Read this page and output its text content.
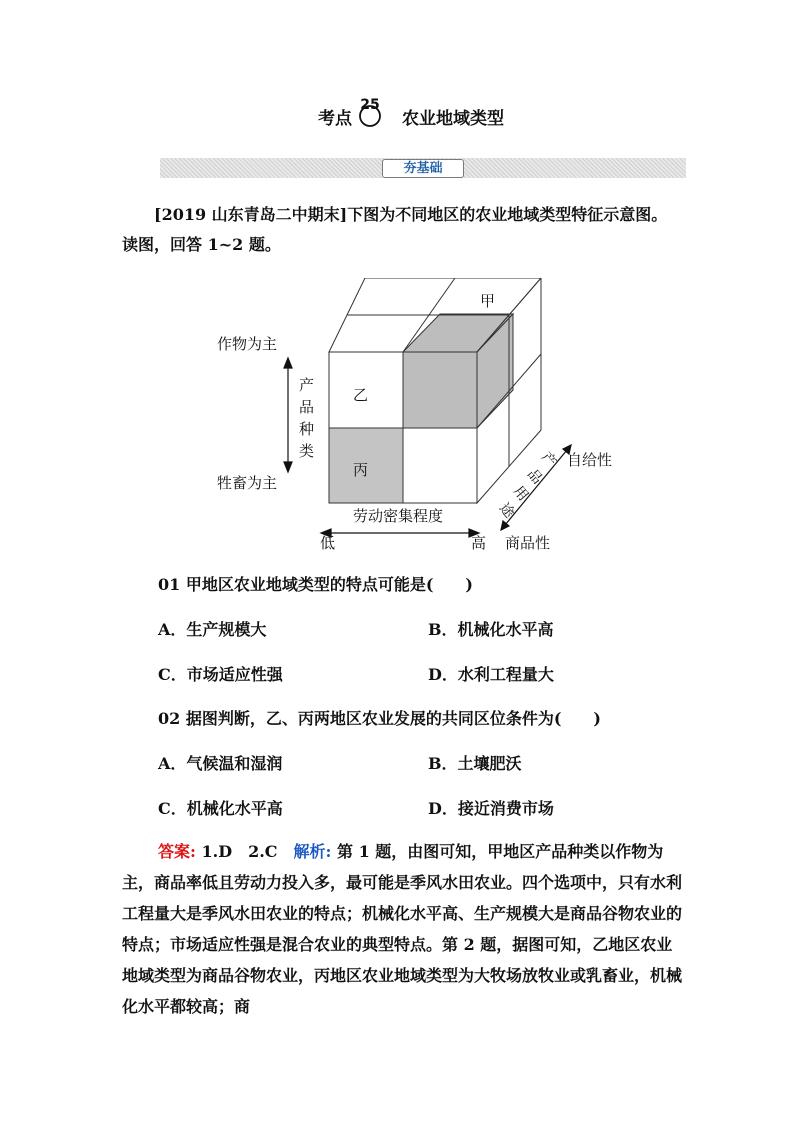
考点
25
农业地域类型
夯基础
[2019 山东青岛二中期末]下图为不同地区的农业地域类型特征示意图。读图，回答 1~2 题。
甲
乙
丙
作物为主
牲畜为主
产
品
种
类
劳动密集程度
低	高
产
品
用
途
自给性
商品性
01 甲地区农业地域类型的特点可能是(　　)
A．生产规模大	B．机械化水平高
C．市场适应性强	D．水利工程量大
02 据图判断，乙、丙两地区农业发展的共同区位条件为(　　)
A．气候温和湿润	B．土壤肥沃
C．机械化水平高	D．接近消费市场
答案: 1.D　2.C　解析: 第 1 题，由图可知，甲地区产品种类以作物为主，商品率低且劳动力投入多，最可能是季风水田农业。四个选项中，只有水利工程量大是季风水田农业的特点；机械化水平高、生产规模大是商品谷物农业的特点；市场适应性强是混合农业的典型特点。第 2 题，据图可知，乙地区农业地域类型为商品谷物农业，丙地区农业地域类型为大牧场放牧业或乳畜业，机械化水平都较高；商
